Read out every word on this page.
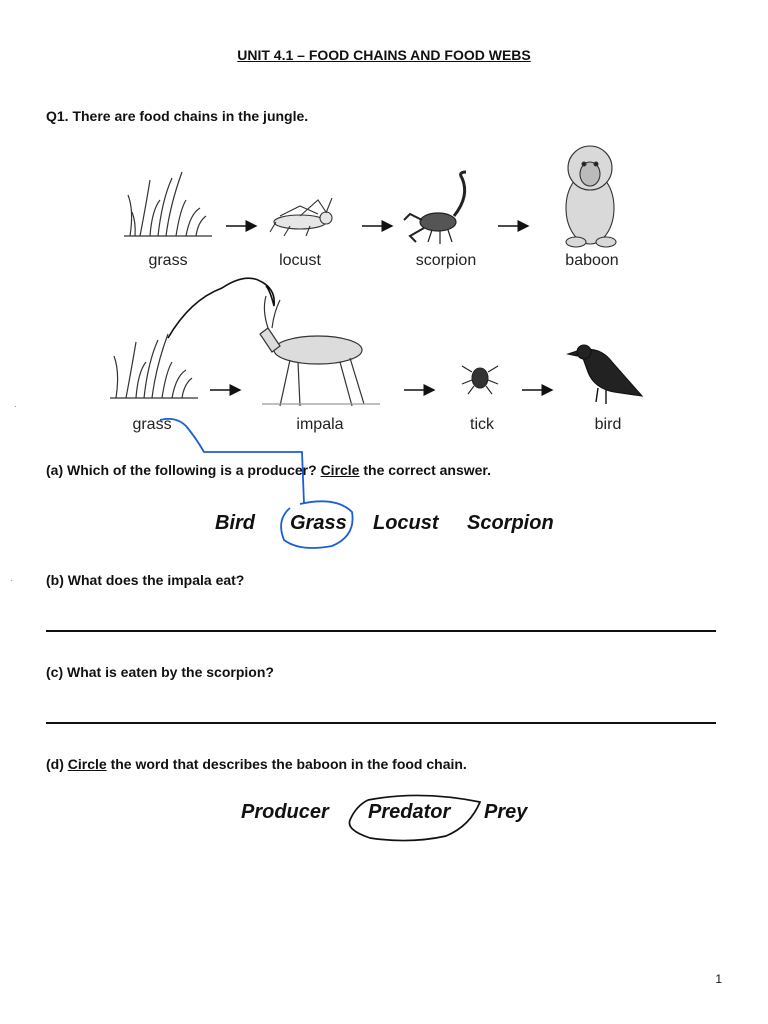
UNIT 4.1 – FOOD CHAINS AND FOOD WEBS
Q1. There are food chains in the jungle.
grass	locust	scorpion	baboon
grass	impala	tick	bird
(a) Which of the following is a producer? Circle the correct answer.
Bird Grass Locust Scorpion
(b) What does the impala eat?
(c) What is eaten by the scorpion?
(d) Circle the word that describes the baboon in the food chain.
Producer Predator Prey
·
·
1
